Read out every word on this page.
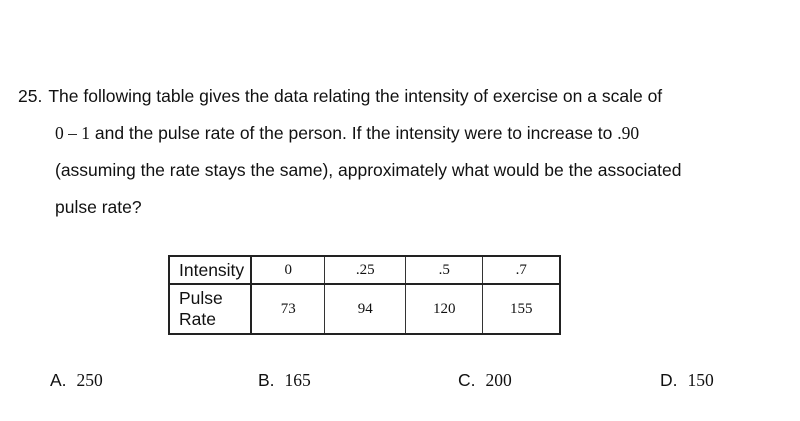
25. The following table gives the data relating the intensity of exercise on a scale of
0 – 1 and the pulse rate of the person. If the intensity were to increase to .90
(assuming the rate stays the same), approximately what would be the associated
pulse rate?
Intensity	0	.25	.5	.7

Pulse
Rate	73	94	120	155
A. 250	B. 165	C. 200	D. 150
